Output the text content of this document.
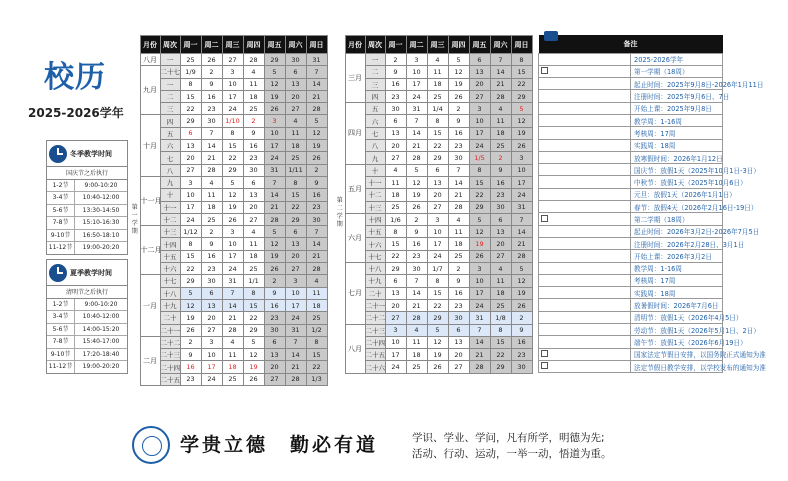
校历
2025-2026学年
冬季教学时间
国庆节之后执行
1-2节	9:00-10:20
3-4节	10:40-12:00
5-6节	13:30-14:50
7-8节	15:10-16:30
9-10节	16:50-18:10
11-12节	19:00-20:20
夏季教学时间
清明节之后执行
1-2节	9:00-10:20
3-4节	10:40-12:00
5-6节	14:00-15:20
7-8节	15:40-17:00
9-10节	17:20-18:40
11-12节	19:00-20:20
	月份	周次	周一	周二	周三	周四	周五	周六	周日
第一学期	八月	一	25	26	27	28	29	30	31
	九月	二十七	1/9	2	3	4	5	6	7
		一	8	9	10	11	12	13	14
		二	15	16	17	18	19	20	21
		三	22	23	24	25	26	27	28
	十月	四	29	30	1/10	2	3	4	5
		五	6	7	8	9	10	11	12
		六	13	14	15	16	17	18	19
		七	20	21	22	23	24	25	26
		八	27	28	29	30	31	1/11	2
	十一月	九	3	4	5	6	7	8	9
		十	10	11	12	13	14	15	16
		十一	17	18	19	20	21	22	23
		十二	24	25	26	27	28	29	30
	十二月	十三	1/12	2	3	4	5	6	7
		十四	8	9	10	11	12	13	14
		十五	15	16	17	18	19	20	21
		十六	22	23	24	25	26	27	28
	一月	十七	29	30	31	1/1	2	3	4
		十八	5	6	7	8	9	10	11
		十九	12	13	14	15	16	17	18
		二十	19	20	21	22	23	24	25
		二十一	26	27	28	29	30	31	1/2
	二月	二十二	2	3	4	5	6	7	8
		二十三	9	10	11	12	13	14	15
		二十四	16	17	18	19	20	21	22
		二十五	23	24	25	26	27	28	1/3
	月份	周次	周一	周二	周三	周四	周五	周六	周日
第二学期	三月	一	2	3	4	5	6	7	8
		二	9	10	11	12	13	14	15
		三	16	17	18	19	20	21	22
		四	23	24	25	26	27	28	29
	四月	五	30	31	1/4	2	3	4	5
		六	6	7	8	9	10	11	12
		七	13	14	15	16	17	18	19
		八	20	21	22	23	24	25	26
		九	27	28	29	30	1/5	2	3
	五月	十	4	5	6	7	8	9	10
		十一	11	12	13	14	15	16	17
		十二	18	19	20	21	22	23	24
		十三	25	26	27	28	29	30	31
	六月	十四	1/6	2	3	4	5	6	7
		十五	8	9	10	11	12	13	14
		十六	15	16	17	18	19	20	21
		十七	22	23	24	25	26	27	28
	七月	十八	29	30	1/7	2	3	4	5
		十九	6	7	8	9	10	11	12
		二十	13	14	15	16	17	18	19
		二十一	20	21	22	23	24	25	26
		二十二	27	28	29	30	31	1/8	2
	八月	二十三	3	4	5	6	7	8	9
		二十四	10	11	12	13	14	15	16
		二十五	17	18	19	20	21	22	23
		二十六	24	25	26	27	28	29	30
备注	
	2025-2026学年
	第一学期（18周）
	起止时间：2025年9月8日-2026年1月11日
	注册时间：2025年9月6日、7日
	开始上课：2025年9月8日
	教学周：1-16周
	考核周：17周
	实践周：18周
	放寒假时间：2026年1月12日
	国庆节：放假1天（2025年10月1日-3日）
	中秋节：放假1天（2025年10月6日）
	元旦：放假1天（2026年1月1日）
	春节：放假4天（2026年2月16日-19日）
	第二学期（18周）
	起止时间：2026年3月2日-2026年7月5日
	注册时间：2026年2月28日、3月1日
	开始上课：2026年3月2日
	教学周：1-16周
	考核周：17周
	实践周：18周
	放暑假时间：2026年7月6日
	清明节：放假1天（2026年4月5日）
	劳动节：放假1天（2026年5月1日、2日）
	端午节：放假1天（2026年6月19日）
	国家法定节假日安排，以国务院正式通知为准
	法定节假日教学安排，以学校发布的通知为准
学贵立德　勤必有道	学识、学业、学问，凡有所学，明德为先;
活动、行动、运动，一举一动，悟道为重。
